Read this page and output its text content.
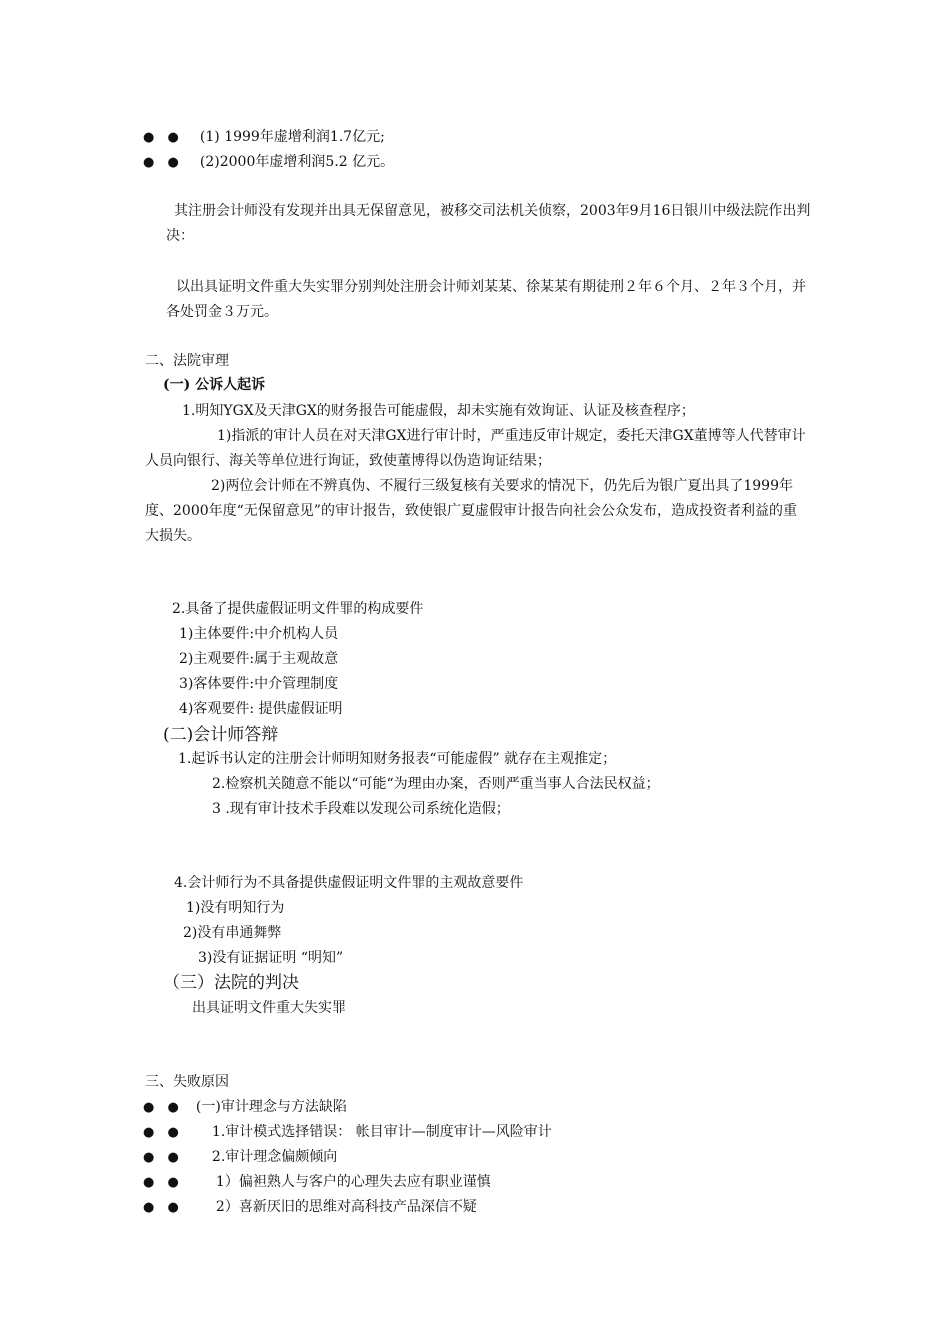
● ● (1) 1999年虚增利润1.7亿元;
● ● (2)2000年虚增利润5.2 亿元。
其注册会计师没有发现并出具无保留意见，被移交司法机关侦察，2003年9月16日银川中级法院作出判决：
以出具证明文件重大失实罪分别判处注册会计师刘某某、徐某某有期徒刑２年６个月、２年３个月，并各处罚金３万元。
二、法院审理
(一) 公诉人起诉
1.明知YGX及天津GX的财务报告可能虚假，却未实施有效询证、认证及核查程序；
1)指派的审计人员在对天津GX进行审计时，严重违反审计规定，委托天津GX董博等人代替审计人员向银行、海关等单位进行询证，致使董博得以伪造询证结果；
2)两位会计师在不辨真伪、不履行三级复核有关要求的情况下，仍先后为银广夏出具了1999年度、2000年度“无保留意见”的审计报告，致使银广夏虚假审计报告向社会公众发布，造成投资者利益的重大损失。
2.具备了提供虚假证明文件罪的构成要件
1)主体要件:中介机构人员
2)主观要件:属于主观故意
3)客体要件:中介管理制度
4)客观要件: 提供虚假证明
(二)会计师答辩
1.起诉书认定的注册会计师明知财务报表“可能虚假” 就存在主观推定；
2.检察机关随意不能以“可能“为理由办案，否则严重当事人合法民权益；
3 .现有审计技术手段难以发现公司系统化造假；
4.会计师行为不具备提供虚假证明文件罪的主观故意要件
1)没有明知行为
2)没有串通舞弊
3)没有证据证明 “明知”
（三）法院的判决
出具证明文件重大失实罪
三、失败原因
● ● (一)审计理念与方法缺陷
● ● 1.审计模式选择错误： 帐目审计—制度审计—风险审计
● ● 2.审计理念偏颇倾向
● ●	1）偏袒熟人与客户的心理失去应有职业谨慎
● ●	2）喜新厌旧的思维对高科技产品深信不疑
